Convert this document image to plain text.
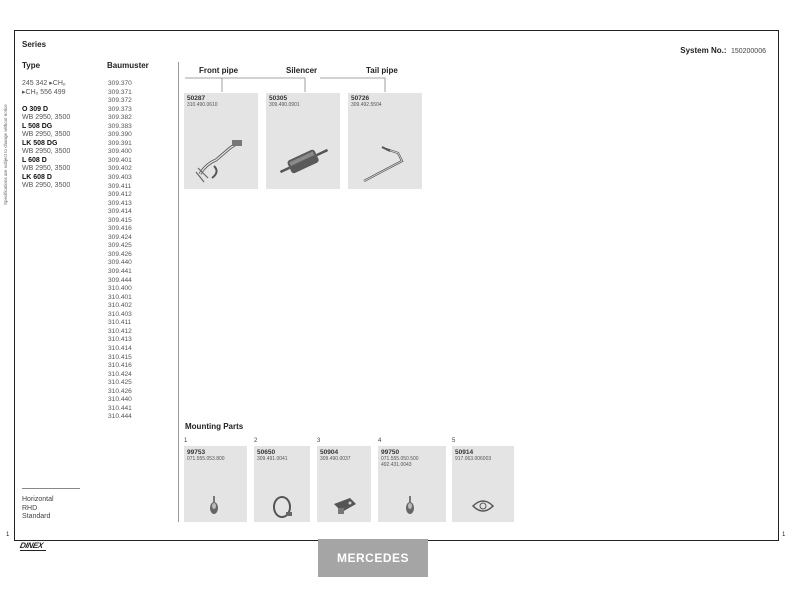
Specifications are subject to change without notice
Series
System No.: 150200006
Type	Baumuster
245 342 ▸CHₒ
▸CHₒ 556 499

O 309 D
WB 2950, 3500
L 508 DG
WB 2950, 3500
LK 508 DG
WB 2950, 3500
L 608 D
WB 2950, 3500
LK 608 D
WB 2950, 3500
309.370
309.371
309.372
309.373
309.382
309.383
309.390
309.391
309.400
309.401
309.402
309.403
309.411
309.412
309.413
309.414
309.415
309.416
309.424
309.425
309.426
309.440
309.441
309.444
310.400
310.401
310.402
310.403
310.411
310.412
310.413
310.414
310.415
310.416
310.424
310.425
310.426
310.440
310.441
310.444
Horizontal
RHD
Standard
Front pipe	Silencer	Tail pipe
50287
310.490.0610
50305
309.490.0901
50726
309.492.5504
Mounting Parts
1
99753
071.555.053.800
2
50650
309.491.0041
3
50904
309.490.0037
4
99750
071.555.050.500
492.431.0043
5
50914
917.063.006003
1	1
DINEX
MERCEDES
